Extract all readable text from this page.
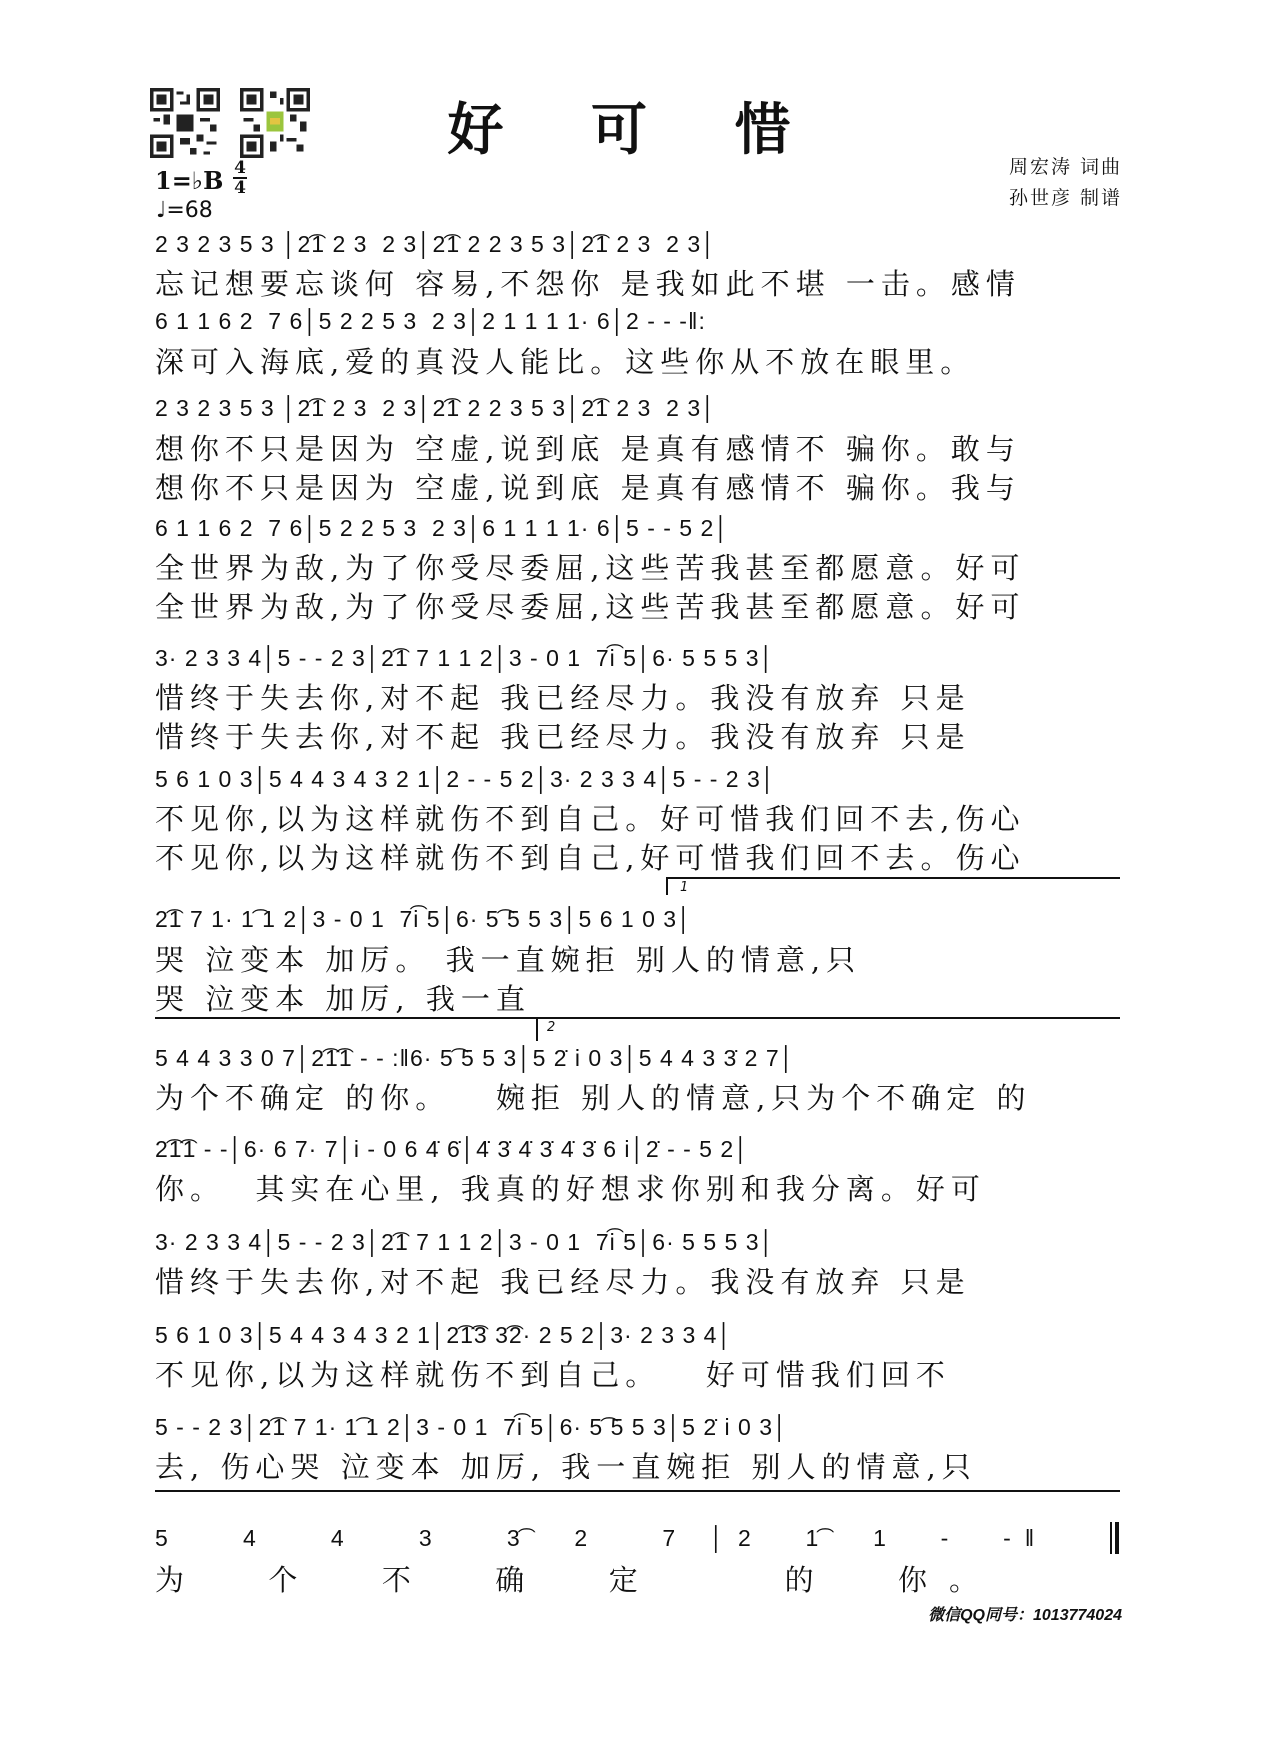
好 可 惜
周宏涛 词曲
孙世彦 制谱
1=♭B 4
4
♩=68
2 3 2 3 5 3 │2͡1 2 3  2 3│2͡1 2 2 3 5 3│2͡1 2 3  2 3│
忘记想要忘谈何 容易,不怨你 是我如此不堪 一击。感情
6 1 1 6 2  7 6│5 2 2 5 3  2 3│2 1 1 1 1· 6│2 - - -‖:
深可入海底,爱的真没人能比。这些你从不放在眼里。
2 3 2 3 5 3 │2͡1 2 3  2 3│2͡1 2 2 3 5 3│2͡1 2 3  2 3│
想你不只是因为 空虚,说到底 是真有感情不 骗你。敢与
想你不只是因为 空虚,说到底 是真有感情不 骗你。我与
6 1 1 6 2  7 6│5 2 2 5 3  2 3│6 1 1 1 1· 6│5 - - 5 2│
全世界为敌,为了你受尽委屈,这些苦我甚至都愿意。好可
全世界为敌,为了你受尽委屈,这些苦我甚至都愿意。好可
3· 2 3 3 4│5 - - 2 3│2͡1 7 1 1 2│3 - 0 1  7i͡ 5│6· 5 5 5 3│
惜终于失去你,对不起 我已经尽力。我没有放弃 只是
惜终于失去你,对不起 我已经尽力。我没有放弃 只是
5 6 1 0 3│5 4 4 3 4 3 2 1│2 - - 5 2│3· 2 3 3 4│5 - - 2 3│
不见你,以为这样就伤不到自己。好可惜我们回不去,伤心
不见你,以为这样就伤不到自己,好可惜我们回不去。伤心
1
2͡1 7 1· 1͡ 1 2│3 - 0 1  7i͡ 5│6· 5͡ 5 5 3│5 6 1 0 3│
哭 泣变本 加厉。 我一直婉拒 别人的情意,只
哭 泣变本 加厉, 我一直
2
5 4 4 3 3 0 7│2͡1͡1 - - :‖6· 5͡ 5 5 3│5 2̇ i 0 3│5 4 4 3 3̇ 2 7│
为个不确定 的你。   婉拒 别人的情意,只为个不确定 的
2͡1͡1 - -│6· 6 7· 7│i - 0 6 4̇ 6̇│4̇ 3̇ 4̇ 3̇ 4̇ 3̇ 6 i│2̇ - - 5 2│
你。  其实在心里, 我真的好想求你别和我分离。好可
3· 2 3 3 4│5 - - 2 3│2͡1 7 1 1 2│3 - 0 1  7i͡ 5│6· 5 5 5 3│
惜终于失去你,对不起 我已经尽力。我没有放弃 只是
5 6 1 0 3│5 4 4 3 4 3 2 1│2͡1͡3 3͡2· 2 5 2│3· 2 3 3 4│
不见你,以为这样就伤不到自己。   好可惜我们回不
5 - - 2 3│2͡1 7 1· 1͡ 1 2│3 - 0 1  7i͡ 5│6· 5͡ 5 5 3│5 2̇ i 0 3│
去, 伤心哭 泣变本 加厉, 我一直婉拒 别人的情意,只
5   4   4   3   3͡  2   7 │2  1͡  1  -  -‖
为  个  不  确  定    的  你。
微信QQ同号：1013774024
